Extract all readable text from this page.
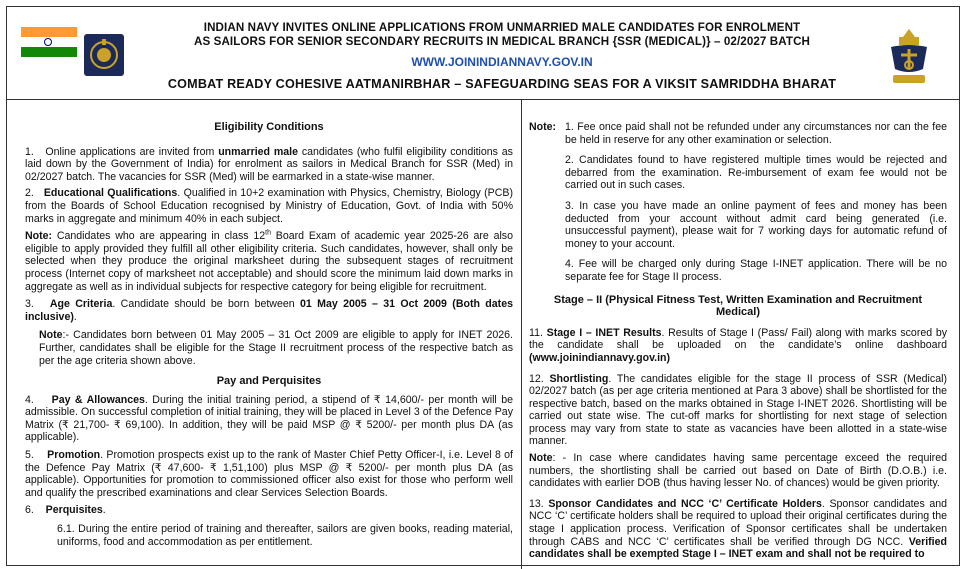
INDIAN NAVY INVITES ONLINE APPLICATIONS FROM UNMARRIED MALE CANDIDATES FOR ENROLMENT
AS SAILORS FOR SENIOR SECONDARY RECRUITS IN MEDICAL BRANCH {SSR (MEDICAL)} – 02/2027 BATCH
WWW.JOININDIANNAVY.GOV.IN
COMBAT READY COHESIVE AATMANIRBHAR – SAFEGUARDING SEAS FOR A VIKSIT SAMRIDDHA BHARAT
Eligibility Conditions

1. Online applications are invited from unmarried male candidates (who fulfil eligibility conditions as laid down by the Government of India) for enrolment as sailors in Medical Branch for SSR (Med) in 02/2027 batch. The vacancies for SSR (Med) will be earmarked in a state-wise manner.

2. Educational Qualifications. Qualified in 10+2 examination with Physics, Chemistry, Biology (PCB) from the Boards of School Education recognised by Ministry of Education, Govt. of India with 50% marks in aggregate and minimum 40% in each subject.

Note: Candidates who are appearing in class 12th Board Exam of academic year 2025-26 are also eligible to apply provided they fulfill all other eligibility criteria. Such candidates, however, shall only be selected when they produce the original marksheet during the subsequent stages of recruitment process (Internet copy of marksheet not acceptable) and should score the minimum laid down marks in aggregate as well as in individual subjects for respective category for being eligible for recruitment.

3. Age Criteria. Candidate should be born between 01 May 2005 – 31 Oct 2009 (Both dates inclusive).

Note:- Candidates born between 01 May 2005 – 31 Oct 2009 are eligible to apply for INET 2026. Further, candidates shall be eligible for the Stage II recruitment process of the respective batch as per the age criteria shown above.

Pay and Perquisites

4. Pay & Allowances. During the initial training period, a stipend of ₹ 14,600/- per month will be admissible. On successful completion of initial training, they will be placed in Level 3 of the Defence Pay Matrix (₹ 21,700- ₹ 69,100). In addition, they will be paid MSP @ ₹ 5200/- per month plus DA (as applicable).

5. Promotion. Promotion prospects exist up to the rank of Master Chief Petty Officer-I, i.e. Level 8 of the Defence Pay Matrix (₹ 47,600- ₹ 1,51,100) plus MSP @ ₹ 5200/- per month plus DA (as applicable). Opportunities for promotion to commissioned officer also exist for those who perform well and qualify the prescribed examinations and clear Services Selection Boards.

6. Perquisites.

6.1. During the entire period of training and thereafter, sailors are given books, reading material, uniforms, food and accommodation as per entitlement.

Note: 1. Fee once paid shall not be refunded under any circumstances nor can the fee be held in reserve for any other examination or selection.

2. Candidates found to have registered multiple times would be rejected and debarred from the examination. Re-imbursement of exam fee would not be carried out in such cases.

3. In case you have made an online payment of fees and money has been deducted from your account without admit card being generated (i.e. unsuccessful payment), please wait for 7 working days for automatic refund of money to your account.

4. Fee will be charged only during Stage I-INET application. There will be no separate fee for Stage II process.

Stage – II (Physical Fitness Test, Written Examination and Recruitment Medical)

11. Stage I – INET Results. Results of Stage I (Pass/ Fail) along with marks scored by the candidate shall be uploaded on the candidate’s online dashboard (www.joinindiannavy.gov.in)

12. Shortlisting. The candidates eligible for the stage II process of SSR (Medical) 02/2027 batch (as per age criteria mentioned at Para 3 above) shall be shortlisted for the respective batch, based on the marks obtained in Stage I-INET 2026. Shortlisting will be carried out state wise. The cut-off marks for shortlisting for next stage of selection process may vary from state to state as vacancies have been allotted in a state-wise manner.

Note: - In case where candidates having same percentage exceed the required numbers, the shortlisting shall be carried out based on Date of Birth (D.O.B.) i.e. candidates with earlier DOB (thus having lesser No. of chances) would be given priority.

13. Sponsor Candidates and NCC ‘C’ Certificate Holders. Sponsor candidates and NCC ‘C’ certificate holders shall be required to upload their original certificates during the stage I application process. Verification of Sponsor certificates shall be undertaken through CABS and NCC ‘C’ certificates shall be verified through DG NCC. Verified candidates shall be exempted Stage I – INET exam and shall not be required to
